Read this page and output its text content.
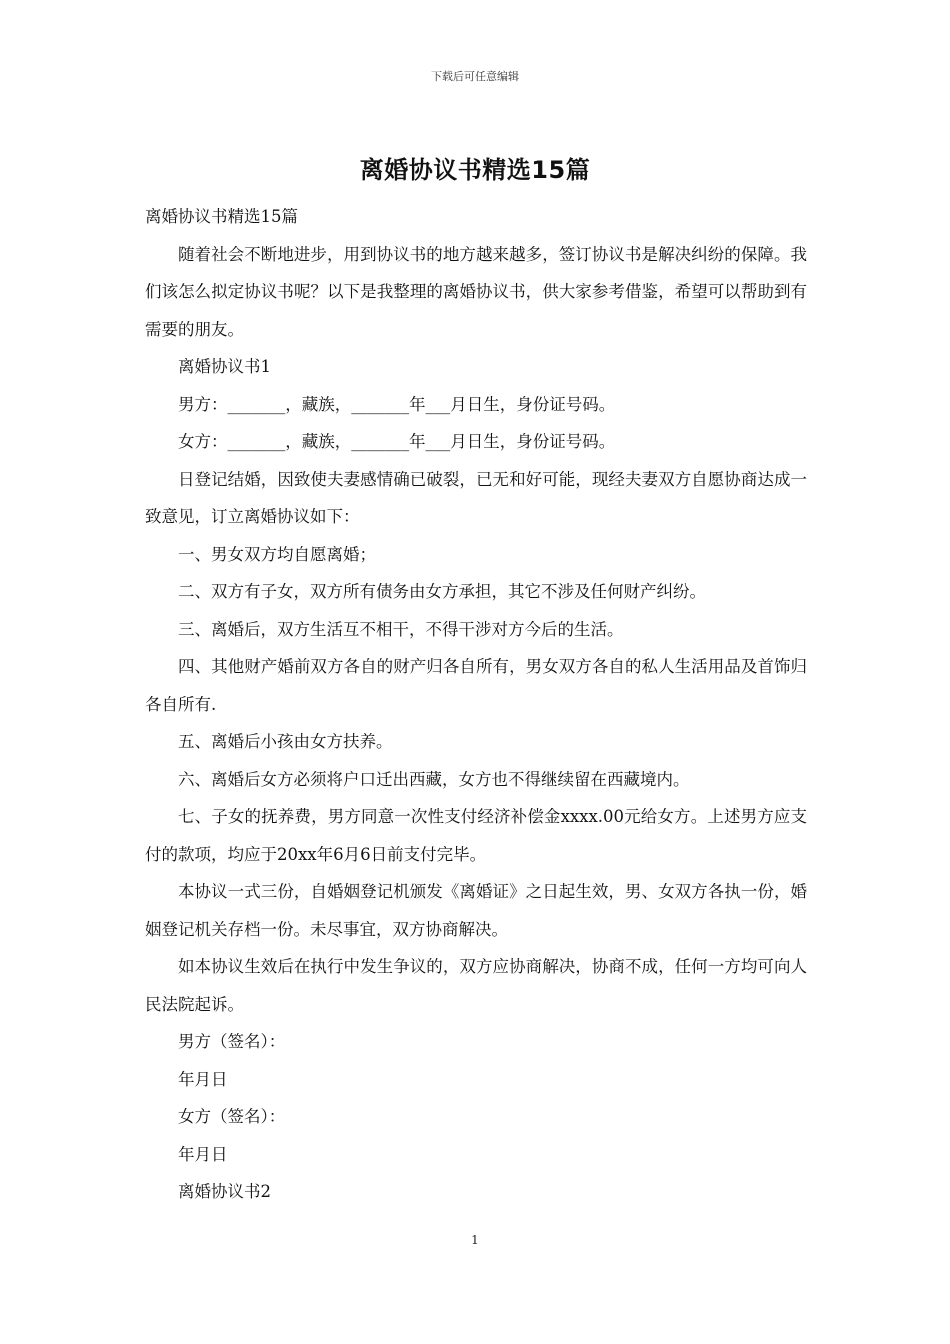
下载后可任意编辑
离婚协议书精选15篇

离婚协议书精选15篇

随着社会不断地进步，用到协议书的地方越来越多，签订协议书是解决纠纷的保障。我们该怎么拟定协议书呢？以下是我整理的离婚协议书，供大家参考借鉴，希望可以帮助到有需要的朋友。

离婚协议书1

男方：_______，藏族，_______年___月日生，身份证号码。

女方：_______，藏族，_______年___月日生，身份证号码。

日登记结婚，因致使夫妻感情确已破裂，已无和好可能，现经夫妻双方自愿协商达成一致意见，订立离婚协议如下：

一、男女双方均自愿离婚；

二、双方有子女，双方所有债务由女方承担，其它不涉及任何财产纠纷。

三、离婚后，双方生活互不相干，不得干涉对方今后的生活。

四、其他财产婚前双方各自的财产归各自所有，男女双方各自的私人生活用品及首饰归各自所有.

五、离婚后小孩由女方扶养。

六、离婚后女方必须将户口迁出西藏，女方也不得继续留在西藏境内。

七、子女的抚养费，男方同意一次性支付经济补偿金xxxx.00元给女方。上述男方应支付的款项，均应于20xx年6月6日前支付完毕。

本协议一式三份，自婚姻登记机颁发《离婚证》之日起生效，男、女双方各执一份，婚姻登记机关存档一份。未尽事宜，双方协商解决。

如本协议生效后在执行中发生争议的，双方应协商解决，协商不成，任何一方均可向人民法院起诉。

男方（签名）：

年月日

女方（签名）：

年月日

离婚协议书2

1
